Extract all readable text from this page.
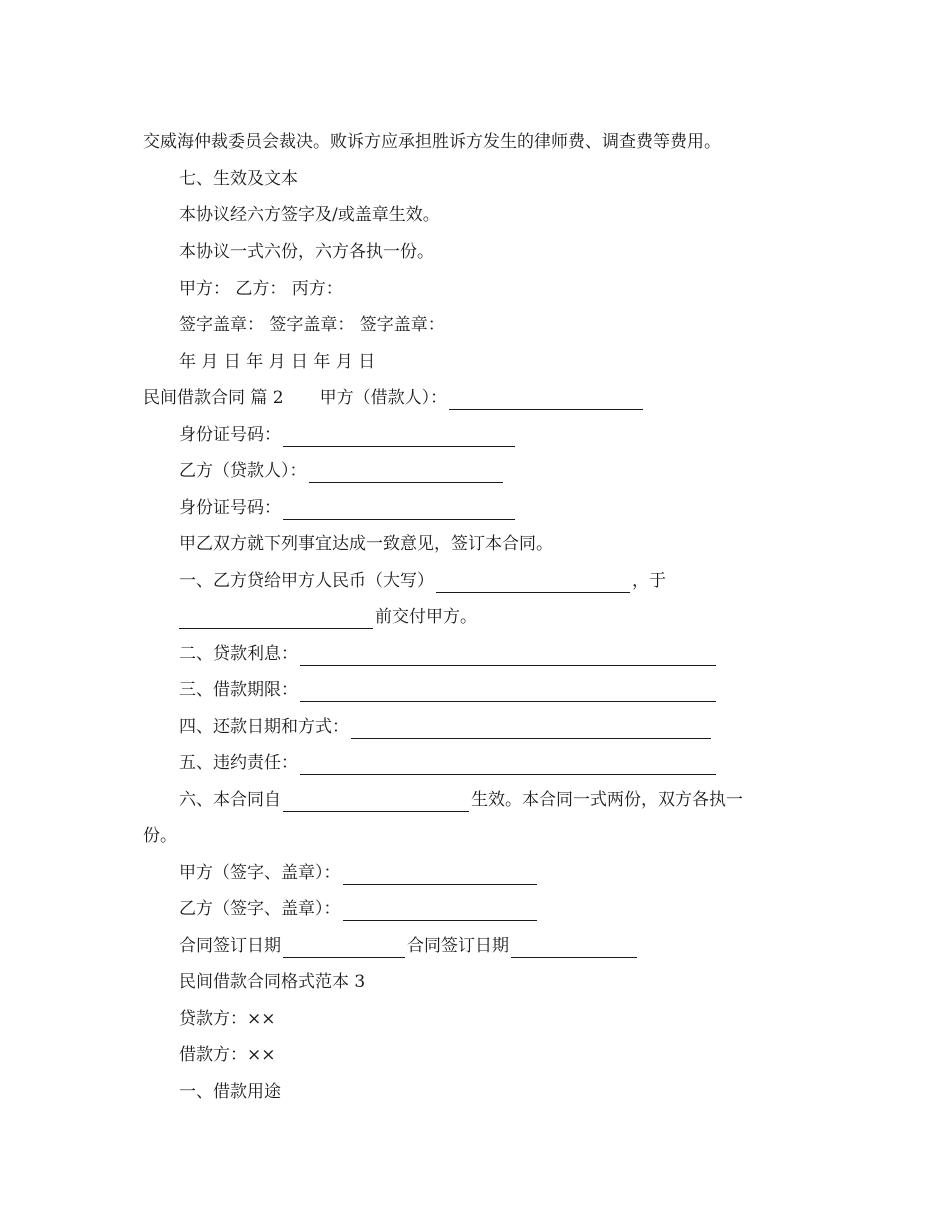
交威海仲裁委员会裁决。败诉方应承担胜诉方发生的律师费、调查费等费用。
七、生效及文本
本协议经六方签字及/或盖章生效。
本协议一式六份，六方各执一份。
甲方： 乙方： 丙方：
签字盖章： 签字盖章： 签字盖章：
年 月 日 年 月 日 年 月 日
民间借款合同 篇 2 甲方（借款人）：
身份证号码：
乙方（贷款人）：
身份证号码：
甲乙双方就下列事宜达成一致意见，签订本合同。
一、乙方贷给甲方人民币（大写）	，于
前交付甲方。
二、贷款利息：
三、借款期限：
四、还款日期和方式：
五、违约责任：
六、本合同自	生效。本合同一式两份，双方各执一
份。
甲方（签字、盖章）：
乙方（签字、盖章）：
合同签订日期	合同签订日期
民间借款合同格式范本 3
贷款方：××
借款方：××
一、借款用途
